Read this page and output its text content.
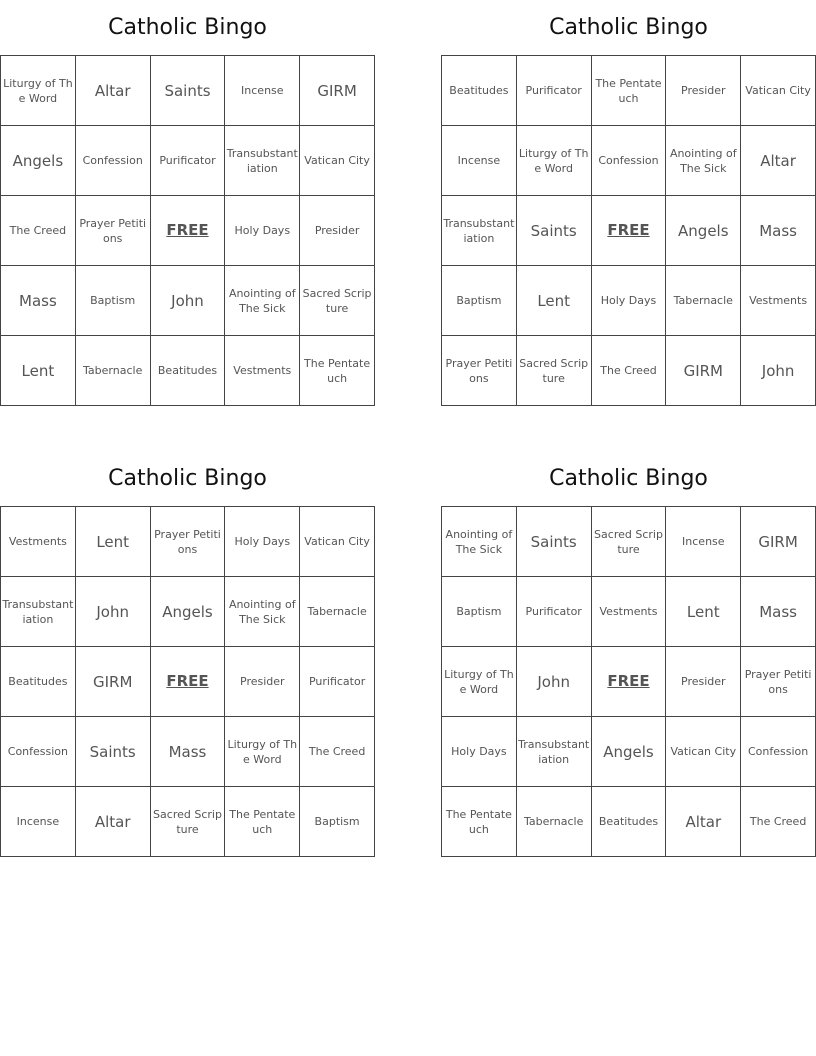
Catholic Bingo
Liturgy of The Word	Altar	Saints	Incense	GIRM
Angels	Confession	Purificator	Transubstantiation	Vatican City
The Creed	Prayer Petitions	FREE	Holy Days	Presider
Mass	Baptism	John	Anointing of The Sick	Sacred Scripture
Lent	Tabernacle	Beatitudes	Vestments	The Pentateuch
Catholic Bingo
Beatitudes	Purificator	The Pentateuch	Presider	Vatican City
Incense	Liturgy of The Word	Confession	Anointing of The Sick	Altar
Transubstantiation	Saints	FREE	Angels	Mass
Baptism	Lent	Holy Days	Tabernacle	Vestments
Prayer Petitions	Sacred Scripture	The Creed	GIRM	John
Catholic Bingo
Vestments	Lent	Prayer Petitions	Holy Days	Vatican City
Transubstantiation	John	Angels	Anointing of The Sick	Tabernacle
Beatitudes	GIRM	FREE	Presider	Purificator
Confession	Saints	Mass	Liturgy of The Word	The Creed
Incense	Altar	Sacred Scripture	The Pentateuch	Baptism
Catholic Bingo
Anointing of The Sick	Saints	Sacred Scripture	Incense	GIRM
Baptism	Purificator	Vestments	Lent	Mass
Liturgy of The Word	John	FREE	Presider	Prayer Petitions
Holy Days	Transubstantiation	Angels	Vatican City	Confession
The Pentateuch	Tabernacle	Beatitudes	Altar	The Creed
